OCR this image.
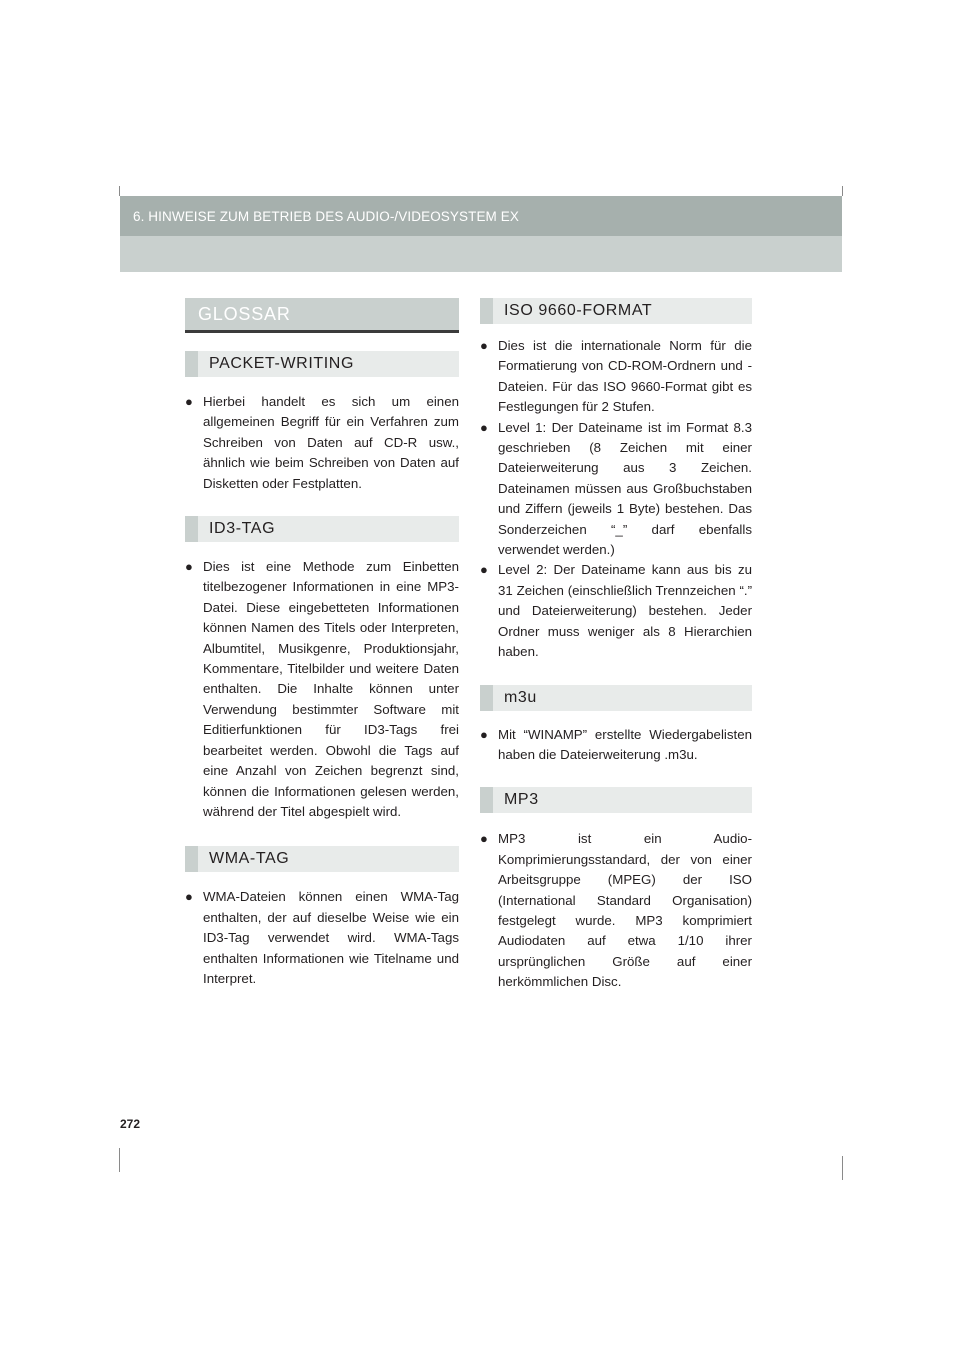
6. HINWEISE ZUM BETRIEB DES AUDIO-/VIDEOSYSTEM EX
GLOSSAR
PACKET-WRITING
● Hierbei handelt es sich um einen allgemeinen Begriff für ein Verfahren zum Schreiben von Daten auf CD-R usw., ähnlich wie beim Schreiben von Daten auf Disketten oder Festplatten.
ID3-TAG
● Dies ist eine Methode zum Einbetten titelbezogener Informationen in eine MP3-Datei. Diese eingebetteten Informationen können Namen des Titels oder Interpreten, Albumtitel, Musikgenre, Produktionsjahr, Kommentare, Titelbilder und weitere Daten enthalten. Die Inhalte können unter Verwendung bestimmter Software mit Editierfunktionen für ID3-Tags frei bearbeitet werden. Obwohl die Tags auf eine Anzahl von Zeichen begrenzt sind, können die Informationen gelesen werden, während der Titel abgespielt wird.
WMA-TAG
● WMA-Dateien können einen WMA-Tag enthalten, der auf dieselbe Weise wie ein ID3-Tag verwendet wird. WMA-Tags enthalten Informationen wie Titelname und Interpret.
ISO 9660-FORMAT
● Dies ist die internationale Norm für die Formatierung von CD-ROM-Ordnern und -Dateien. Für das ISO 9660-Format gibt es Festlegungen für 2 Stufen.
● Level 1: Der Dateiname ist im Format 8.3 geschrieben (8 Zeichen mit einer Dateierweiterung aus 3 Zeichen. Dateinamen müssen aus Großbuchstaben und Ziffern (jeweils 1 Byte) bestehen. Das Sonderzeichen “_” darf ebenfalls verwendet werden.)
● Level 2: Der Dateiname kann aus bis zu 31 Zeichen (einschließlich Trennzeichen “.” und Dateierweiterung) bestehen. Jeder Ordner muss weniger als 8 Hierarchien haben.
m3u
● Mit “WINAMP” erstellte Wiedergabelisten haben die Dateierweiterung .m3u.
MP3
● MP3 ist ein Audio-Komprimierungsstandard, der von einer Arbeitsgruppe (MPEG) der ISO (International Standard Organisation) festgelegt wurde. MP3 komprimiert Audiodaten auf etwa 1/10 ihrer ursprünglichen Größe auf einer herkömmlichen Disc.
272
